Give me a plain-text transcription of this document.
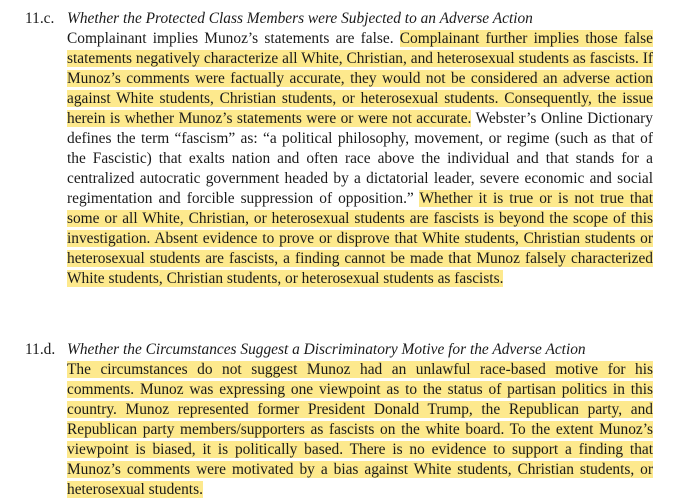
11.c. Whether the Protected Class Members were Subjected to an Adverse Action
Complainant implies Munoz’s statements are false. Complainant further implies those false statements negatively characterize all White, Christian, and heterosexual students as fascists. If Munoz’s comments were factually accurate, they would not be considered an adverse action against White students, Christian students, or heterosexual students. Consequently, the issue herein is whether Munoz’s statements were or were not accurate. Webster’s Online Dictionary defines the term “fascism” as: “a political philosophy, movement, or regime (such as that of the Fascistic) that exalts nation and often race above the individual and that stands for a centralized autocratic government headed by a dictatorial leader, severe economic and social regimentation and forcible suppression of opposition.” Whether it is true or is not true that some or all White, Christian, or heterosexual students are fascists is beyond the scope of this investigation. Absent evidence to prove or disprove that White students, Christian students or heterosexual students are fascists, a finding cannot be made that Munoz falsely characterized White students, Christian students, or heterosexual students as fascists.
11.d. Whether the Circumstances Suggest a Discriminatory Motive for the Adverse Action
The circumstances do not suggest Munoz had an unlawful race-based motive for his comments. Munoz was expressing one viewpoint as to the status of partisan politics in this country. Munoz represented former President Donald Trump, the Republican party, and Republican party members/supporters as fascists on the white board. To the extent Munoz’s viewpoint is biased, it is politically based. There is no evidence to support a finding that Munoz’s comments were motivated by a bias against White students, Christian students, or heterosexual students.
